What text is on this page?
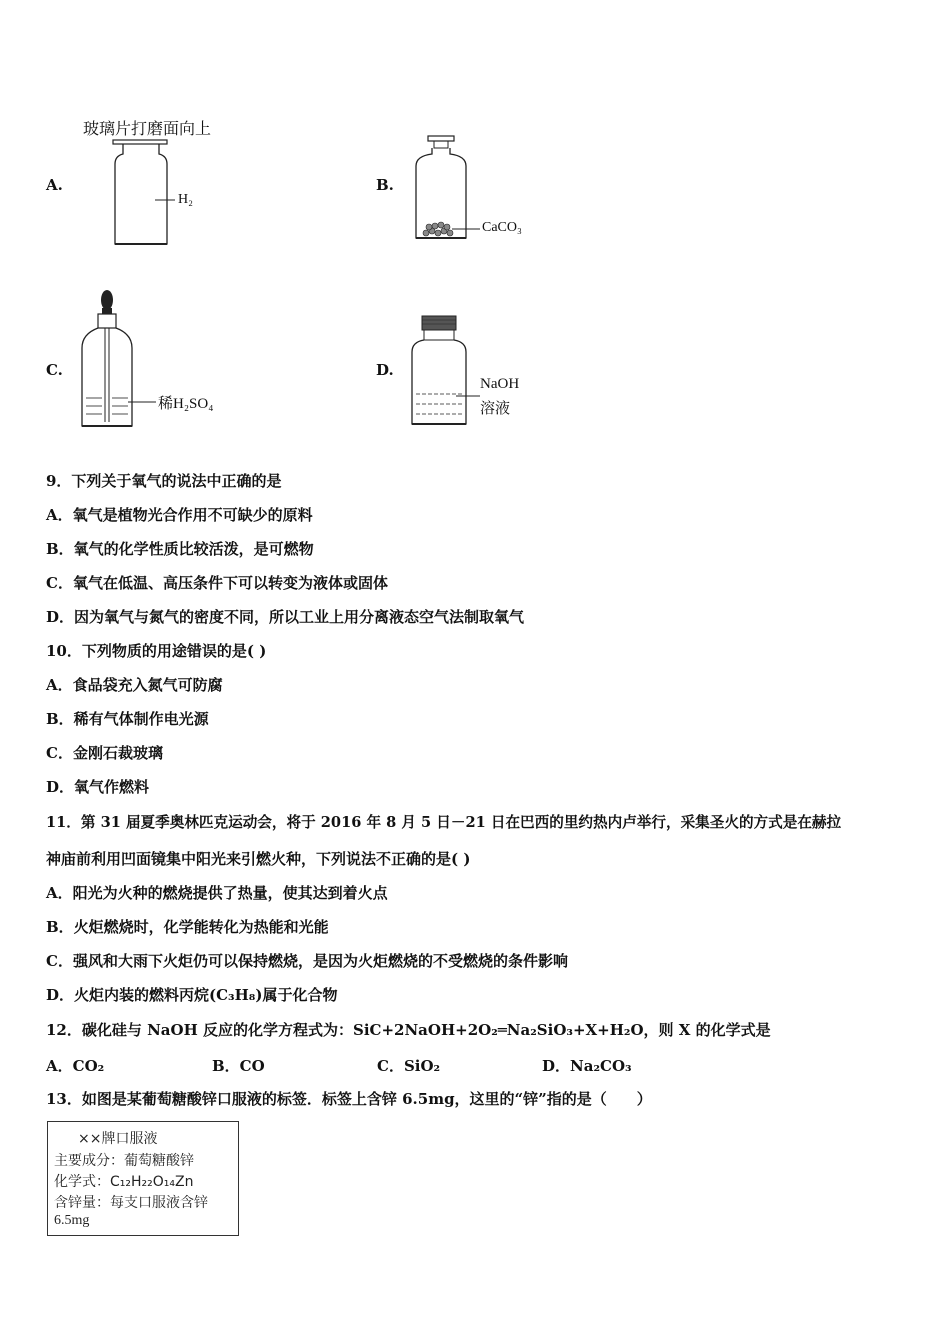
A.
玻璃片打磨面向上
H₂
B.
CaCO₃
C.
稀H₂SO₄
D.
NaOH
溶液
9．下列关于氧气的说法中正确的是
A．氧气是植物光合作用不可缺少的原料
B．氧气的化学性质比较活泼，是可燃物
C．氧气在低温、高压条件下可以转变为液体或固体
D．因为氧气与氮气的密度不同，所以工业上用分离液态空气法制取氧气
10．下列物质的用途错误的是( )
A．食品袋充入氮气可防腐
B．稀有气体制作电光源
C．金刚石裁玻璃
D．氧气作燃料
11．第 31 届夏季奥林匹克运动会，将于 2016 年 8 月 5 日－21 日在巴西的里约热内卢举行，采集圣火的方式是在赫拉
神庙前利用凹面镜集中阳光来引燃火种，下列说法不正确的是( )
A．阳光为火种的燃烧提供了热量，使其达到着火点
B．火炬燃烧时，化学能转化为热能和光能
C．强风和大雨下火炬仍可以保持燃烧，是因为火炬燃烧的不受燃烧的条件影响
D．火炬内装的燃料丙烷(C₃H₈)属于化合物
12．碳化硅与 NaOH 反应的化学方程式为：SiC+2NaOH+2O₂═Na₂SiO₃+X+H₂O，则 X 的化学式是
A．CO₂	B．CO	C．SiO₂	D．Na₂CO₃
13．如图是某葡萄糖酸锌口服液的标签．标签上含锌 6.5mg，这里的“锌”指的是（　　）
××牌口服液
主要成分：葡萄糖酸锌
化学式：C₁₂H₂₂O₁₄Zn
含锌量：每支口服液含锌
6.5mg
